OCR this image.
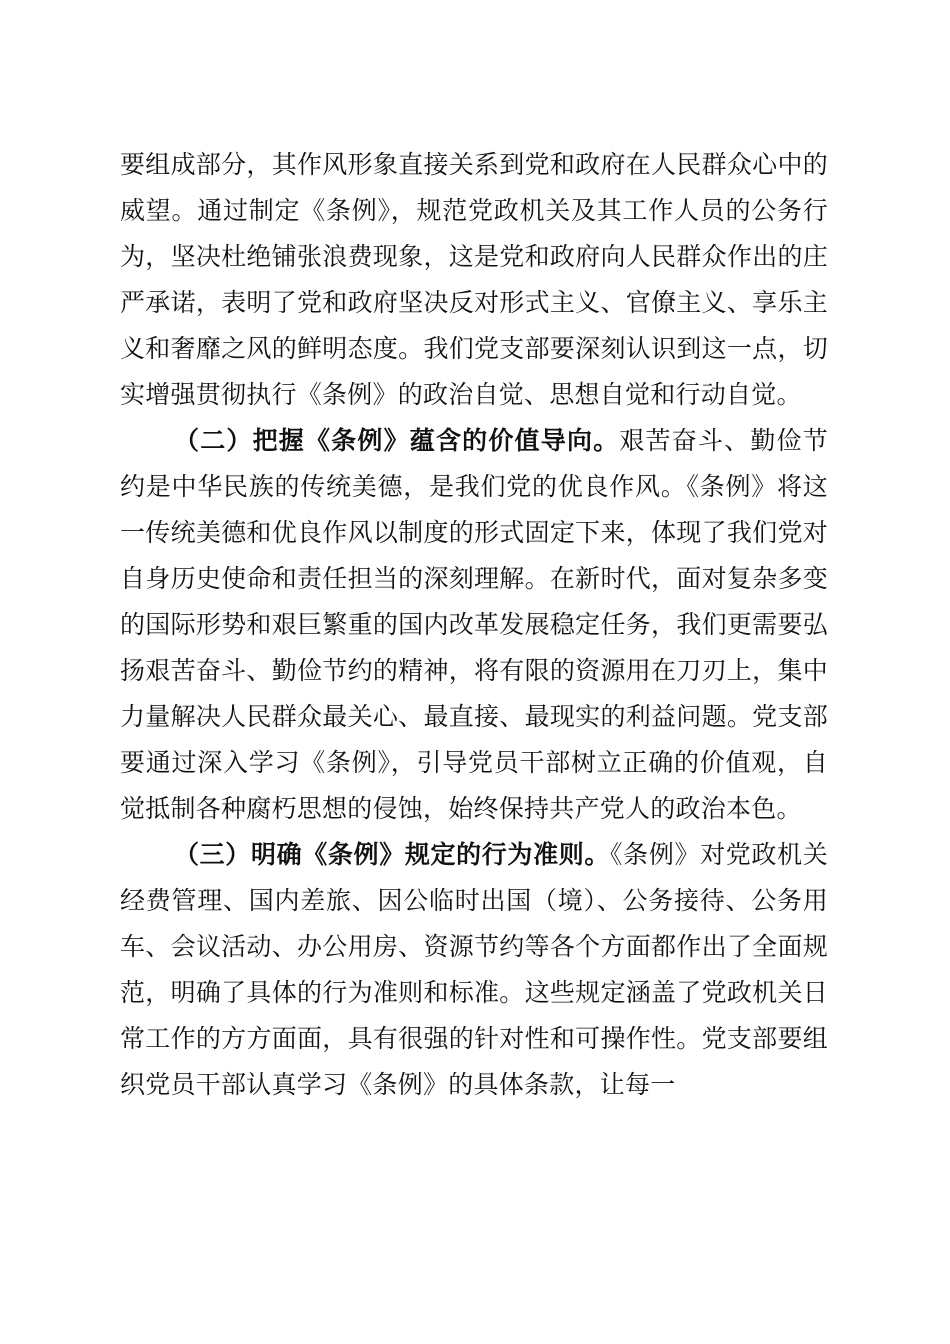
要组成部分，其作风形象直接关系到党和政府在人民群众心中的威望。通过制定《条例》，规范党政机关及其工作人员的公务行为，坚决杜绝铺张浪费现象，这是党和政府向人民群众作出的庄严承诺，表明了党和政府坚决反对形式主义、官僚主义、享乐主义和奢靡之风的鲜明态度。我们党支部要深刻认识到这一点，切实增强贯彻执行《条例》的政治自觉、思想自觉和行动自觉。

（二）把握《条例》蕴含的价值导向。艰苦奋斗、勤俭节约是中华民族的传统美德，是我们党的优良作风。《条例》将这一传统美德和优良作风以制度的形式固定下来，体现了我们党对自身历史使命和责任担当的深刻理解。在新时代，面对复杂多变的国际形势和艰巨繁重的国内改革发展稳定任务，我们更需要弘扬艰苦奋斗、勤俭节约的精神，将有限的资源用在刀刃上，集中力量解决人民群众最关心、最直接、最现实的利益问题。党支部要通过深入学习《条例》，引导党员干部树立正确的价值观，自觉抵制各种腐朽思想的侵蚀，始终保持共产党人的政治本色。

（三）明确《条例》规定的行为准则。《条例》对党政机关经费管理、国内差旅、因公临时出国（境）、公务接待、公务用车、会议活动、办公用房、资源节约等各个方面都作出了全面规范，明确了具体的行为准则和标准。这些规定涵盖了党政机关日常工作的方方面面，具有很强的针对性和可操作性。党支部要组织党员干部认真学习《条例》的具体条款，让每一
